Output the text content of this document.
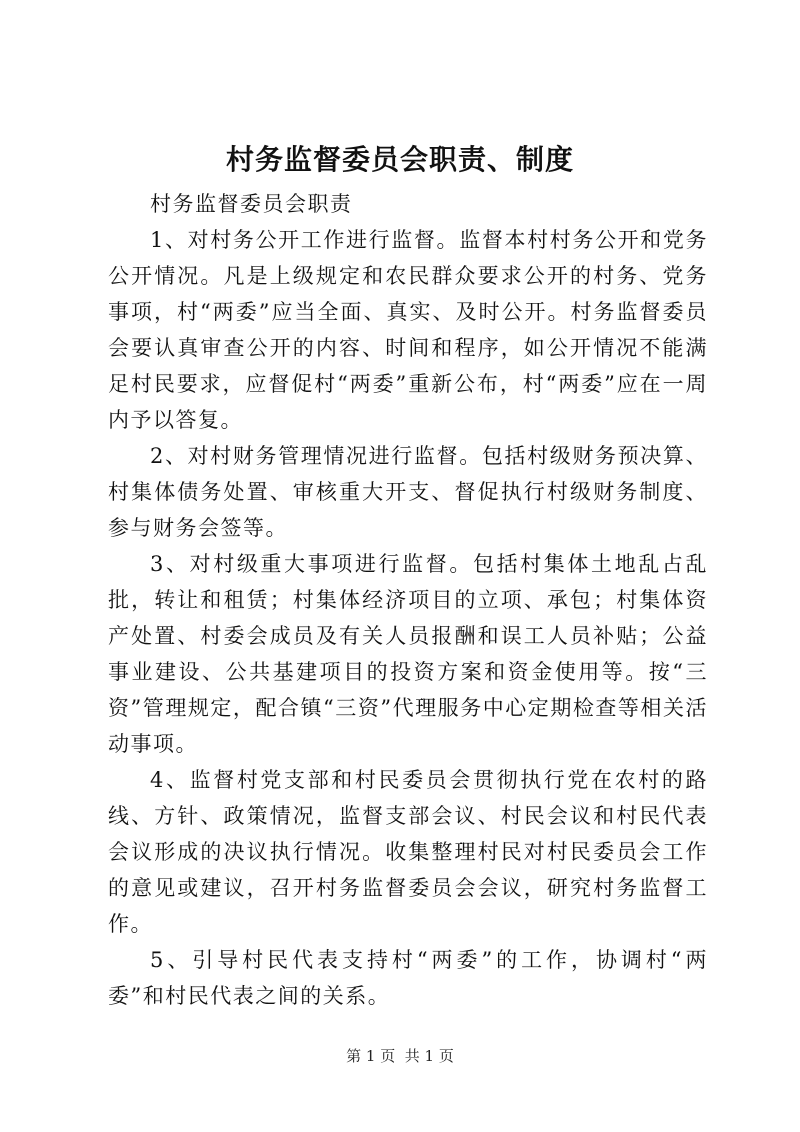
村务监督委员会职责、制度

村务监督委员会职责

1、对村务公开工作进行监督。监督本村村务公开和党务公开情况。凡是上级规定和农民群众要求公开的村务、党务事项，村“两委”应当全面、真实、及时公开。村务监督委员会要认真审查公开的内容、时间和程序，如公开情况不能满足村民要求，应督促村“两委”重新公布，村“两委”应在一周内予以答复。

2、对村财务管理情况进行监督。包括村级财务预决算、村集体债务处置、审核重大开支、督促执行村级财务制度、参与财务会签等。

3、对村级重大事项进行监督。包括村集体土地乱占乱批，转让和租赁；村集体经济项目的立项、承包；村集体资产处置、村委会成员及有关人员报酬和误工人员补贴；公益事业建设、公共基建项目的投资方案和资金使用等。按“三资”管理规定，配合镇“三资”代理服务中心定期检查等相关活动事项。

4、监督村党支部和村民委员会贯彻执行党在农村的路线、方针、政策情况，监督支部会议、村民会议和村民代表会议形成的决议执行情况。收集整理村民对村民委员会工作的意见或建议，召开村务监督委员会会议，研究村务监督工作。

5、引导村民代表支持村“两委”的工作，协调村“两委”和村民代表之间的关系。

第 1 页  共 1 页
